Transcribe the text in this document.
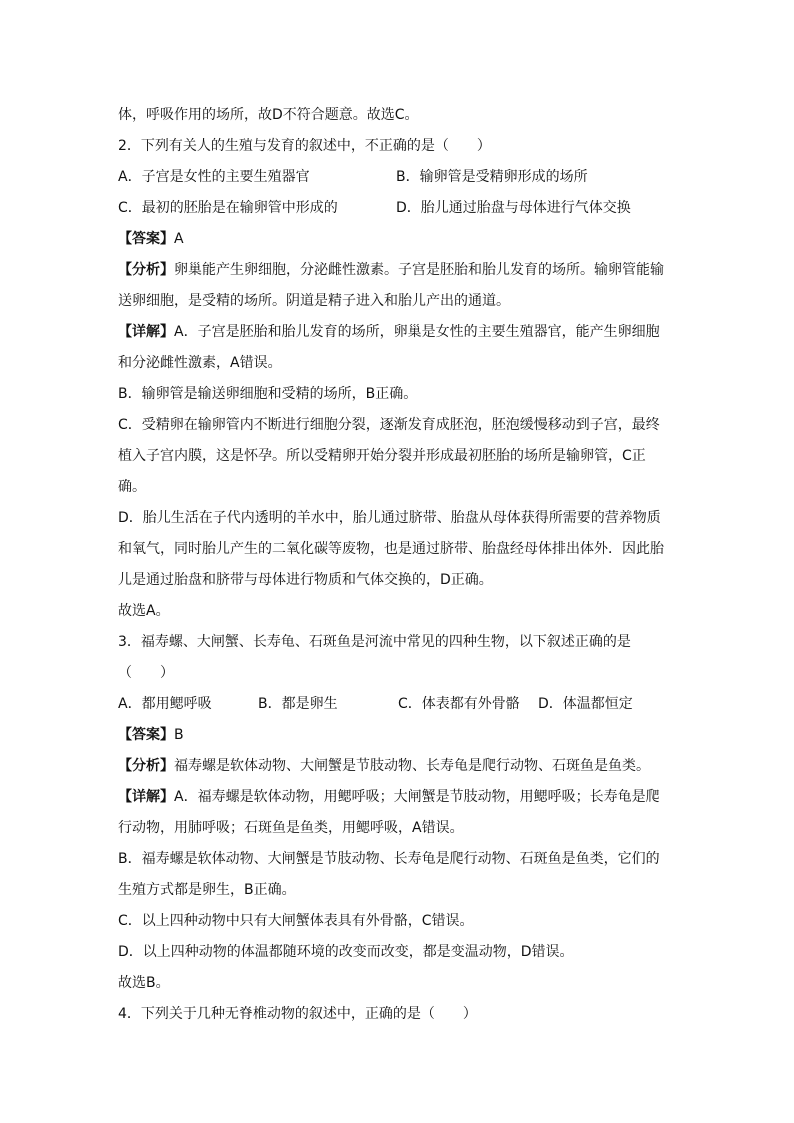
体，呼吸作用的场所，故D不符合题意。故选C。
2．下列有关人的生殖与发育的叙述中，不正确的是（　　）
A．子宫是女性的主要生殖器官	B．输卵管是受精卵形成的场所
C．最初的胚胎是在输卵管中形成的	D．胎儿通过胎盘与母体进行气体交换
【答案】A
【分析】卵巢能产生卵细胞，分泌雌性激素。子宫是胚胎和胎儿发育的场所。输卵管能输
送卵细胞，是受精的场所。阴道是精子进入和胎儿产出的通道。
【详解】A．子宫是胚胎和胎儿发育的场所，卵巢是女性的主要生殖器官，能产生卵细胞
和分泌雌性激素，A错误。
B．输卵管是输送卵细胞和受精的场所，B正确。
C．受精卵在输卵管内不断进行细胞分裂，逐渐发育成胚泡，胚泡缓慢移动到子宫，最终
植入子宫内膜，这是怀孕。所以受精卵开始分裂并形成最初胚胎的场所是输卵管，C正
确。
D．胎儿生活在子代内透明的羊水中，胎儿通过脐带、胎盘从母体获得所需要的营养物质
和氧气，同时胎儿产生的二氧化碳等废物，也是通过脐带、胎盘经母体排出体外．因此胎
儿是通过胎盘和脐带与母体进行物质和气体交换的，D正确。
故选A。
3．福寿螺、大闸蟹、长寿龟、石斑鱼是河流中常见的四种生物，以下叙述正确的是
（　　）
A．都用鳃呼吸	B．都是卵生	C．体表都有外骨骼	D．体温都恒定
【答案】B
【分析】福寿螺是软体动物、大闸蟹是节肢动物、长寿龟是爬行动物、石斑鱼是鱼类。
【详解】A．福寿螺是软体动物，用鳃呼吸；大闸蟹是节肢动物，用鳃呼吸；长寿龟是爬
行动物，用肺呼吸；石斑鱼是鱼类，用鳃呼吸，A错误。
B．福寿螺是软体动物、大闸蟹是节肢动物、长寿龟是爬行动物、石斑鱼是鱼类，它们的
生殖方式都是卵生，B正确。
C．以上四种动物中只有大闸蟹体表具有外骨骼，C错误。
D．以上四种动物的体温都随环境的改变而改变，都是变温动物，D错误。
故选B。
4．下列关于几种无脊椎动物的叙述中，正确的是（　　）
